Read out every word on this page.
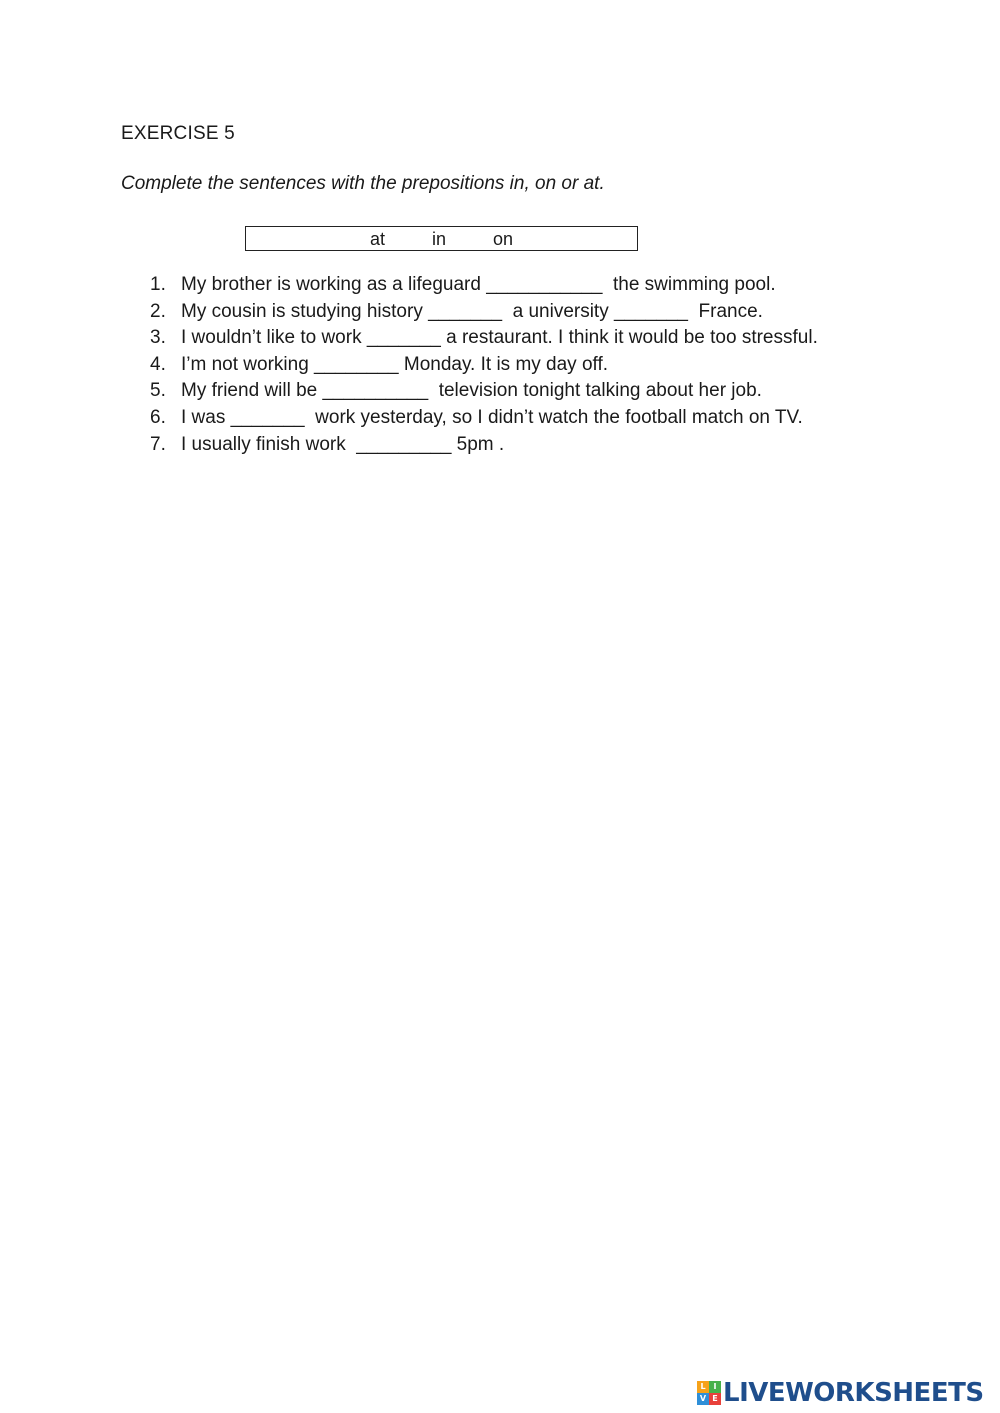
EXERCISE 5
Complete the sentences with the prepositions in, on or at.
at	in	on
1. My brother is working as a lifeguard ___________  the swimming pool.
2. My cousin is studying history _______  a university _______  France.
3. I wouldn’t like to work _______ a restaurant. I think it would be too stressful.
4. I’m not working ________ Monday. It is my day off.
5. My friend will be __________  television tonight talking about her job.
6. I was _______  work yesterday, so I didn’t watch the football match on TV.
7. I usually finish work  _________ 5pm .
L I
V E LIVEWORKSHEETS
